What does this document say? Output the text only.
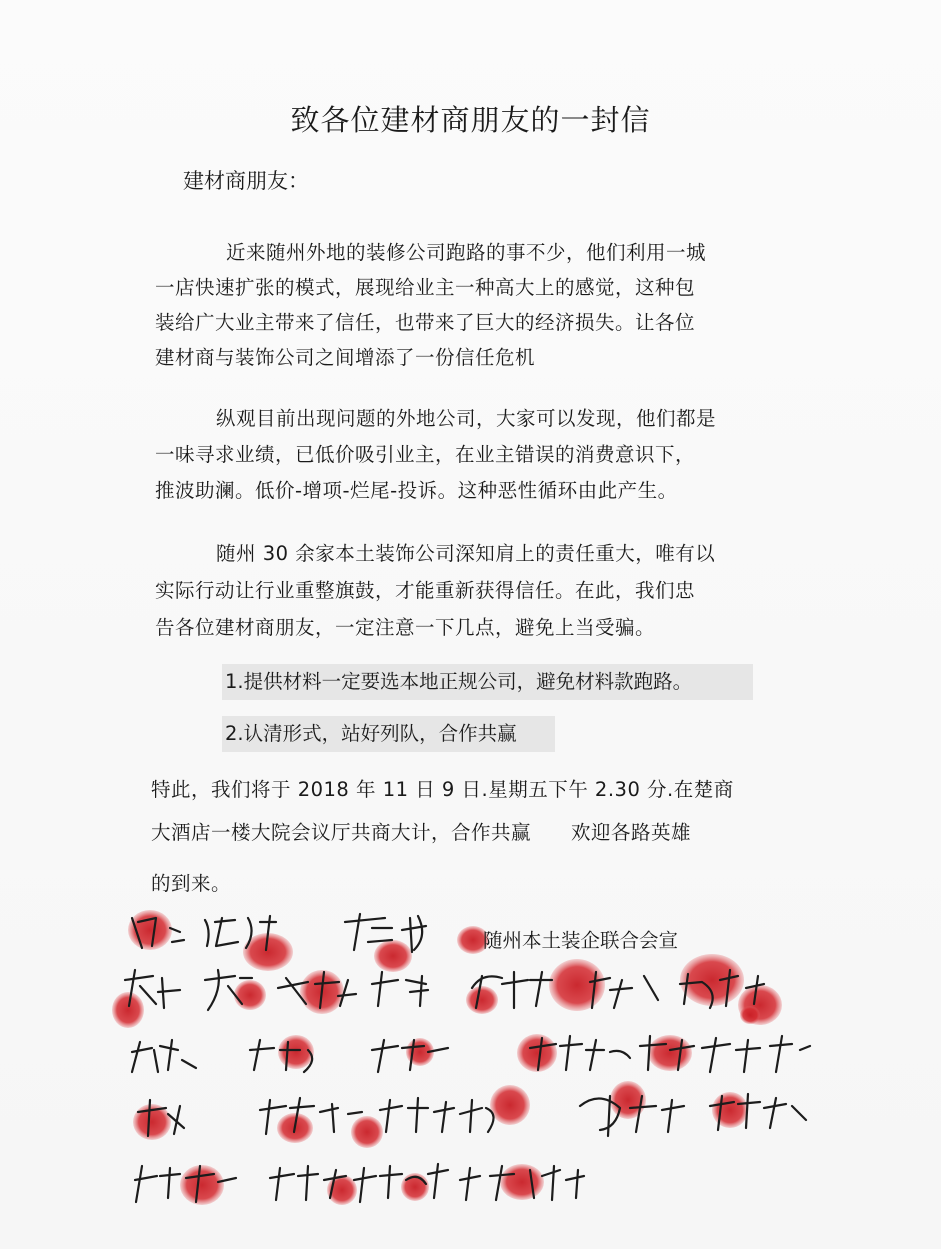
致各位建材商朋友的一封信
建材商朋友：
近来随州外地的装修公司跑路的事不少，他们利用一城
一店快速扩张的模式，展现给业主一种高大上的感觉，这种包
装给广大业主带来了信任，也带来了巨大的经济损失。让各位
建材商与装饰公司之间增添了一份信任危机
纵观目前出现问题的外地公司，大家可以发现，他们都是
一味寻求业绩，已低价吸引业主，在业主错误的消费意识下，
推波助澜。低价-增项-烂尾-投诉。这种恶性循环由此产生。
随州 30 余家本土装饰公司深知肩上的责任重大，唯有以
实际行动让行业重整旗鼓，才能重新获得信任。在此，我们忠
告各位建材商朋友，一定注意一下几点，避免上当受骗。
1.提供材料一定要选本地正规公司，避免材料款跑路。
2.认清形式，站好列队，合作共赢
特此，我们将于 2018 年 11 日 9 日.星期五下午 2.30 分.在楚商
大酒店一楼大院会议厅共商大计，合作共赢　　欢迎各路英雄
的到来。
随州本土装企联合会宣
